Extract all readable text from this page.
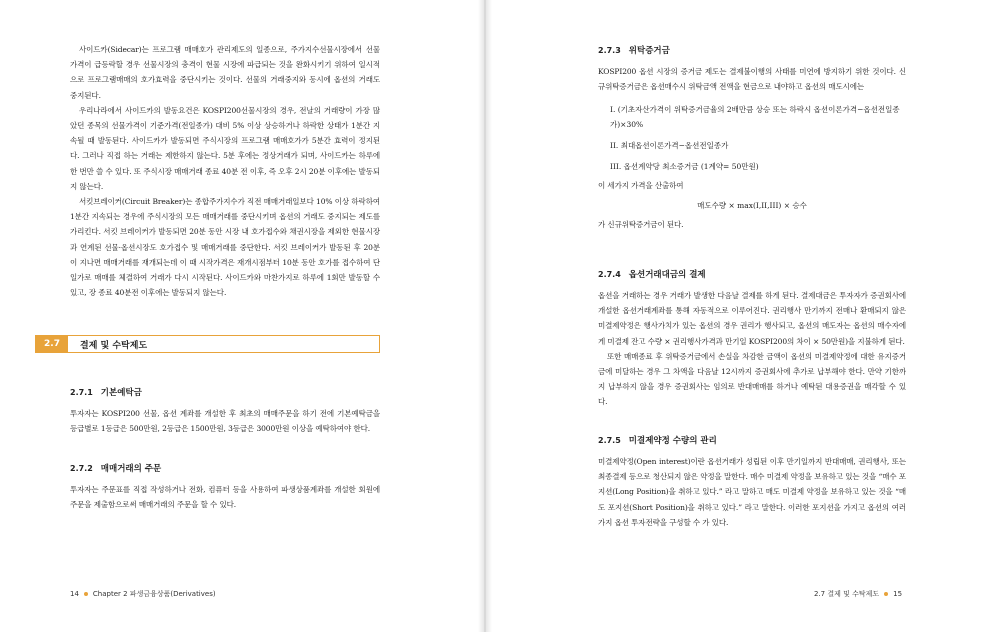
사이드카(Sidecar)는 프로그램 매매호가 관리제도의 일종으로, 주가지수선물시장에서 선물 가격이 급등락할 경우 선물시장의 충격이 현물 시장에 파급되는 것을 완화시키기 위하여 일시적으로 프로그램매매의 호가효력을 중단시키는 것이다. 선물의 거래중지와 동시에 옵션의 거래도 중지된다.

우리나라에서 사이드카의 발동요건은 KOSPI200선물시장의 경우, 전날의 거래량이 가장 많았던 종목의 선물가격이 기준가격(전일종가) 대비 5% 이상 상승하거나 하락한 상태가 1분간 지속될 때 발동된다. 사이드카가 발동되면 주식시장의 프로그램 매매호가가 5분간 효력이 정지된다. 그러나 직접 하는 거래는 제한하지 않는다. 5분 후에는 정상거래가 되며, 사이드카는 하루에 한 번만 쓸 수 있다. 또 주식시장 매매거래 종료 40분 전 이후, 즉 오후 2시 20분 이후에는 발동되지 않는다.

서킷브레이커(Circuit Breaker)는 종합주가지수가 직전 매매거래일보다 10% 이상 하락하여 1분간 지속되는 경우에 주식시장의 모든 매매거래를 중단시키며 옵션의 거래도 중지되는 제도를 가리킨다. 서킷 브레이커가 발동되면 20분 동안 시장 내 호가접수와 채권시장을 제외한 현물시장과 연계된 선물·옵션시장도 호가접수 및 매매거래를 중단한다. 서킷 브레이커가 발동된 후 20분이 지나면 매매거래를 재개되는데 이 때 시작가격은 재개시점부터 10분 동안 호가를 접수하여 단일가로 매매를 체결하여 거래가 다시 시작된다. 사이드카와 마찬가지로 하루에 1회만 발동할 수 있고, 장 종료 40분전 이후에는 발동되지 않는다.

2.7	결제 및 수탁제도
2.7.1 기본예탁금

투자자는 KOSPI200 선물, 옵션 계좌를 개설한 후 최초의 매매주문을 하기 전에 기본예탁금을 등급별로 1등급은 500만원, 2등급은 1500만원, 3등급은 3000만원 이상을 예탁하여야 한다.

2.7.2 매매거래의 주문

투자자는 주문표를 직접 작성하거나 전화, 컴퓨터 등을 사용하여 파생상품계좌를 개설한 회원에 주문을 제출함으로써 매매거래의 주문을 할 수 있다.

14 Chapter 2 파생금융상품(Derivatives)
2.7.3 위탁증거금

KOSPI200 옵션 시장의 증거금 제도는 결제불이행의 사태를 미연에 방지하기 위한 것이다. 신규위탁증거금은 옵션매수시 위탁금액 전액을 현금으로 내야하고 옵션의 매도시에는

I. (기초자산가격이 위탁증거금율의 2배만큼 상승 또는 하락시 옵션이론가격−옵션전일종가)×30%

II. 최대옵션이론가격−옵션전일종가

III. 옵션계약당 최소증거금 (1계약= 50만원)

이 세가지 가격을 산출하여

매도수량 × max(I,II,III) × 승수

가 신규위탁증거금이 된다.

2.7.4 옵션거래대금의 결제

옵션을 거래하는 경우 거래가 발생한 다음날 결제를 하게 된다. 결제대금은 투자자가 증권회사에 개설한 옵션거래계좌를 통해 자동적으로 이루어진다. 권리행사 만기까지 전매나 환매되지 않은 미결제약정은 행사가치가 있는 옵션의 경우 권리가 행사되고, 옵션의 매도자는 옵션의 매수자에게 미결제 잔고 수량 × 권리행사가격과 만기일 KOSPI200의 차이 × 50만원)을 지불하게 된다.

또한 매매종료 후 위탁증거금에서 손실을 차감한 금액이 옵션의 미결제약정에 대한 유지증거금에 미달하는 경우 그 차액을 다음날 12시까지 증권회사에 추가로 납부해야 한다. 만약 기한까지 납부하지 않을 경우 증권회사는 임의로 반대매매를 하거나 예탁된 대용증권을 매각할 수 있다.

2.7.5 미결제약정 수량의 관리

미결제약정(Open interest)이란 옵션거래가 성립된 이후 만기일까지 반대매매, 권리행사, 또는 최종결제 등으로 청산되지 않은 약정을 말한다. 매수 미결제 약정을 보유하고 있는 것을 “매수 포지션(Long Position)을 취하고 있다.” 라고 말하고 매도 미결제 약정을 보유하고 있는 것을 “매도 포지션(Short Position)을 취하고 있다.” 라고 말한다. 이러한 포지션을 가지고 옵션의 여러 가지 옵션 투자전략을 구성할 수 가 있다.

2.7 결제 및 수탁제도 15
